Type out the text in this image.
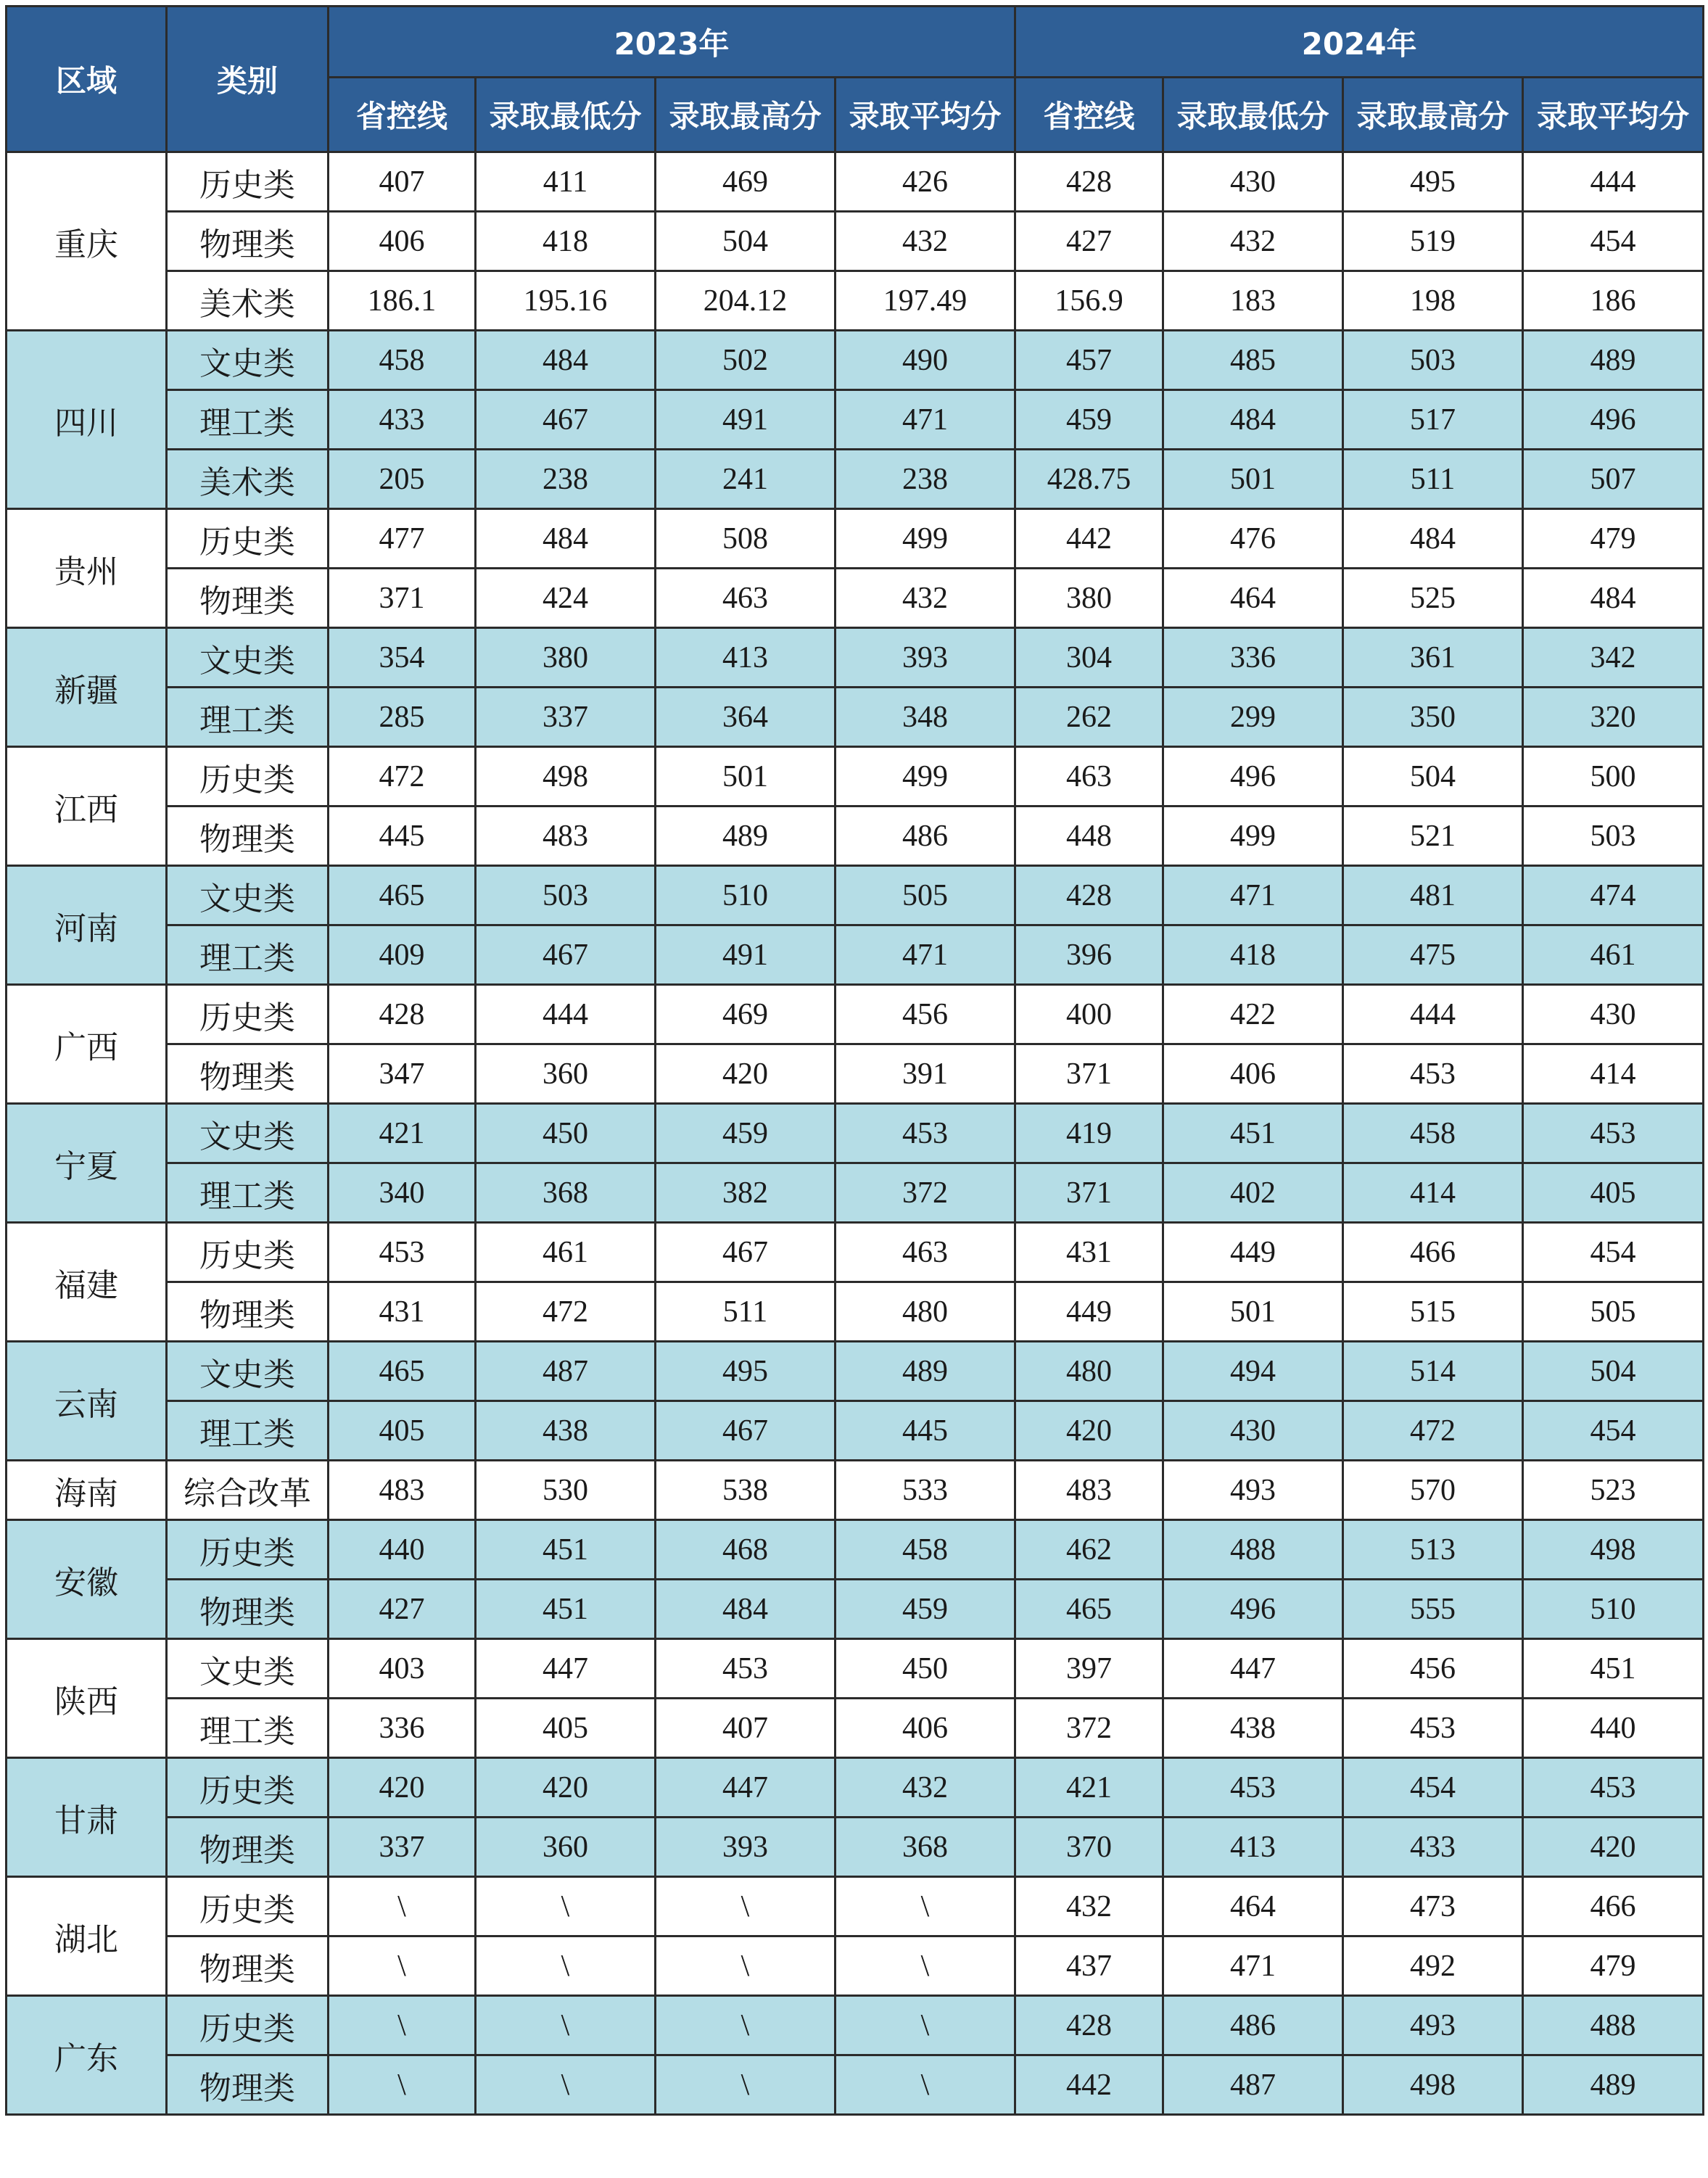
区域	类别	2023年				2024年			
		省控线	录取最低分	录取最高分	录取平均分	省控线	录取最低分	录取最高分	录取平均分
重庆	历史类	407	411	469	426	428	430	495	444
	物理类	406	418	504	432	427	432	519	454
	美术类	186.1	195.16	204.12	197.49	156.9	183	198	186
四川	文史类	458	484	502	490	457	485	503	489
	理工类	433	467	491	471	459	484	517	496
	美术类	205	238	241	238	428.75	501	511	507
贵州	历史类	477	484	508	499	442	476	484	479
	物理类	371	424	463	432	380	464	525	484
新疆	文史类	354	380	413	393	304	336	361	342
	理工类	285	337	364	348	262	299	350	320
江西	历史类	472	498	501	499	463	496	504	500
	物理类	445	483	489	486	448	499	521	503
河南	文史类	465	503	510	505	428	471	481	474
	理工类	409	467	491	471	396	418	475	461
广西	历史类	428	444	469	456	400	422	444	430
	物理类	347	360	420	391	371	406	453	414
宁夏	文史类	421	450	459	453	419	451	458	453
	理工类	340	368	382	372	371	402	414	405
福建	历史类	453	461	467	463	431	449	466	454
	物理类	431	472	511	480	449	501	515	505
云南	文史类	465	487	495	489	480	494	514	504
	理工类	405	438	467	445	420	430	472	454
海南	综合改革	483	530	538	533	483	493	570	523
安徽	历史类	440	451	468	458	462	488	513	498
	物理类	427	451	484	459	465	496	555	510
陕西	文史类	403	447	453	450	397	447	456	451
	理工类	336	405	407	406	372	438	453	440
甘肃	历史类	420	420	447	432	421	453	454	453
	物理类	337	360	393	368	370	413	433	420
湖北	历史类	\	\	\	\	432	464	473	466
	物理类	\	\	\	\	437	471	492	479
广东	历史类	\	\	\	\	428	486	493	488
	物理类	\	\	\	\	442	487	498	489
